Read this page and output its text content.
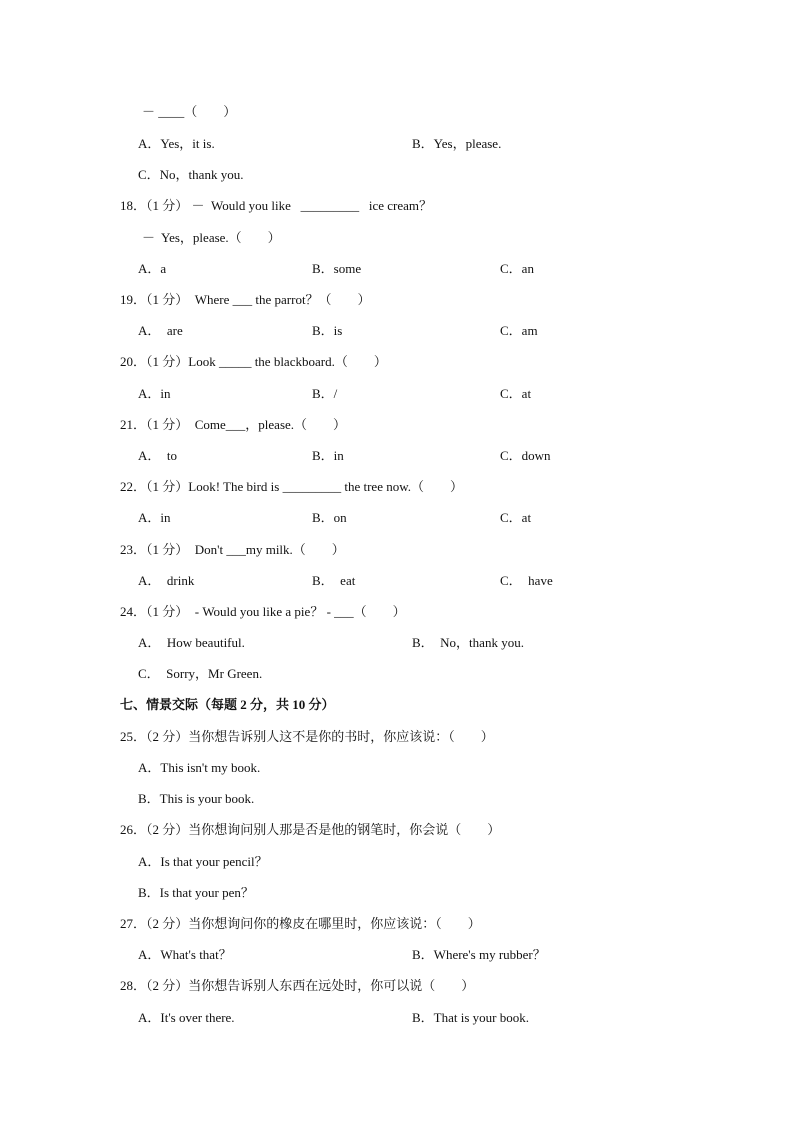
－ ____（　　）
A．Yes，it is.	B．Yes，please.
C．No，thank you.
18．（1 分） －  Would you like   _________   ice cream？
－  Yes，please.（　　）
A．a	B．some	C．an
19．（1 分）  Where ___ the parrot？（　　）
A．  are	B．is	C．am
20．（1 分）Look _____ the blackboard.（　　）
A．in	B．/	C．at
21．（1 分）  Come___，please.（　　）
A．  to	B．in	C．down
22．（1 分）Look! The bird is _________ the tree now.（　　）
A．in	B．on	C．at
23．（1 分）  Don't ___my milk.（　　）
A．  drink	B．  eat	C．  have
24．（1 分）  - Would you like a pie？ - ___（　　）
A．  How beautiful.	B．  No，thank you.
C．  Sorry，Mr Green.
七、情景交际（每题 2 分，共 10 分）
25．（2 分）当你想告诉别人这不是你的书时，你应该说：（　　）
A．This isn't my book.
B．This is your book.
26．（2 分）当你想询问别人那是否是他的钢笔时，你会说（　　）
A．Is that your pencil？
B．Is that your pen？
27．（2 分）当你想询问你的橡皮在哪里时，你应该说：（　　）
A．What's that？	B．Where's my rubber？
28．（2 分）当你想告诉别人东西在远处时，你可以说（　　）
A．It's over there.	B．That is your book.
